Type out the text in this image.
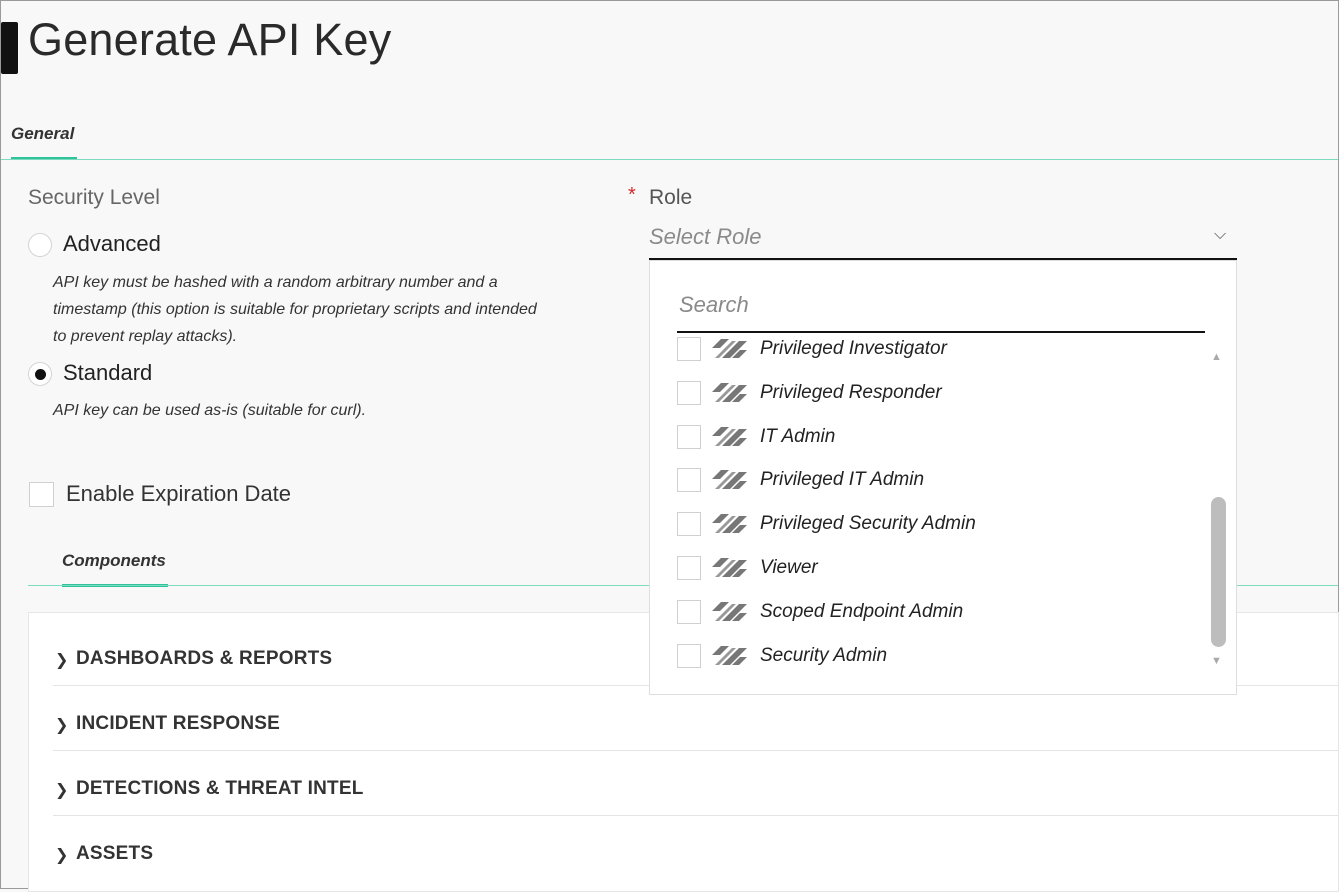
Generate API Key
General
Security Level
Advanced
API key must be hashed with a random arbitrary number and a
timestamp (this option is suitable for proprietary scripts and intended
to prevent replay attacks).
Standard
API key can be used as-is (suitable for curl).
Enable Expiration Date
Components
❯ DASHBOARDS & REPORTS
❯ INCIDENT RESPONSE
❯ DETECTIONS & THREAT INTEL
❯ ASSETS
* Role
Select Role	⌵
Search
Privileged Investigator
Privileged Responder
IT Admin
Privileged IT Admin
Privileged Security Admin
Viewer
Scoped Endpoint Admin
Security Admin
▲
▼
